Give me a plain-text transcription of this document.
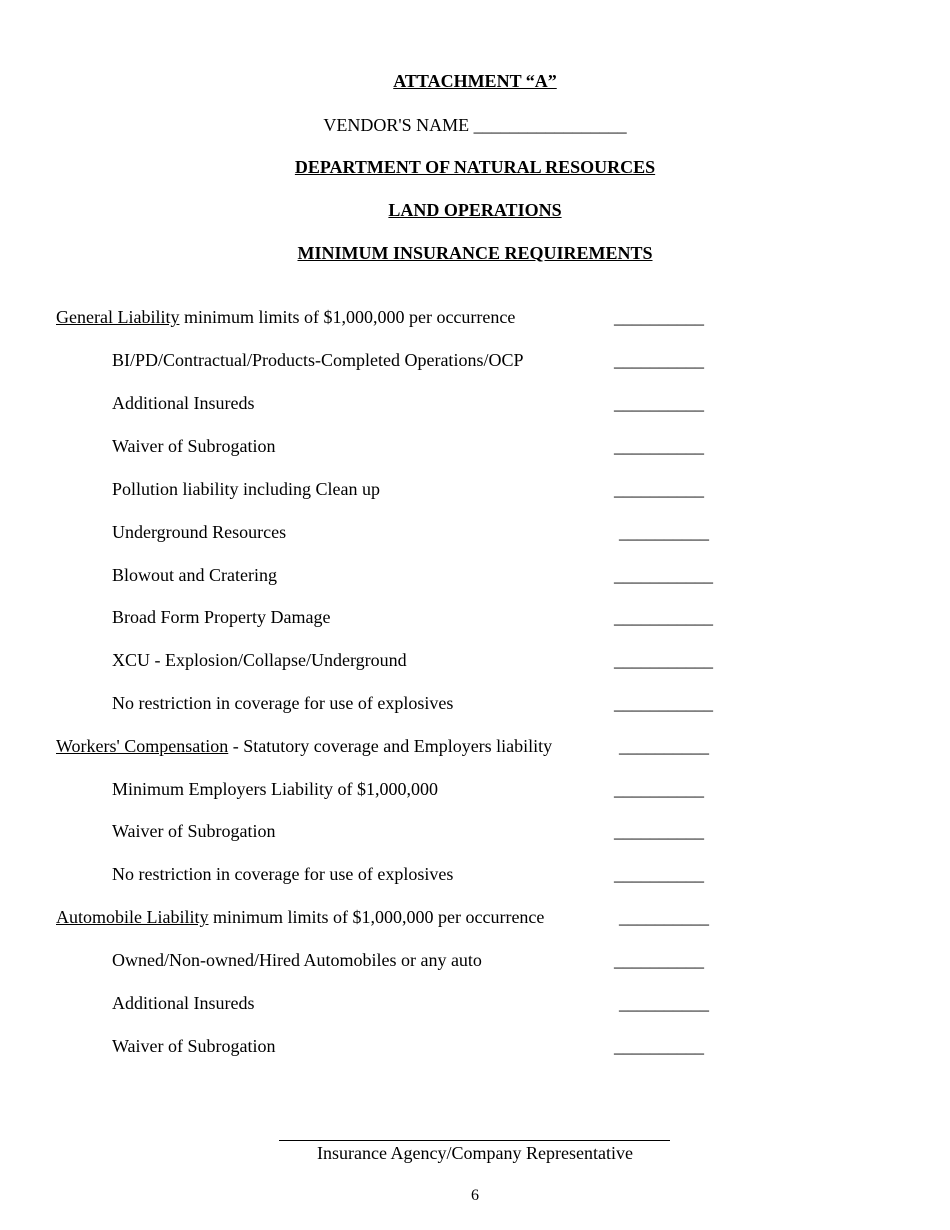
ATTACHMENT “A”
VENDOR'S NAME _________________
DEPARTMENT OF NATURAL RESOURCES
LAND OPERATIONS
MINIMUM INSURANCE REQUIREMENTS
General Liability minimum limits of $1,000,000 per occurrence	__________
BI/PD/Contractual/Products-Completed Operations/OCP	__________
Additional Insureds	__________
Waiver of Subrogation	__________
Pollution liability including Clean up	__________
Underground Resources	__________
Blowout and Cratering	___________
Broad Form Property Damage	___________
XCU - Explosion/Collapse/Underground	___________
No restriction in coverage for use of explosives	___________
Workers' Compensation - Statutory coverage and Employers liability	__________
Minimum Employers Liability of $1,000,000	__________
Waiver of Subrogation	__________
No restriction in coverage for use of explosives	__________
Automobile Liability minimum limits of $1,000,000 per occurrence	__________
Owned/Non-owned/Hired Automobiles or any auto	__________
Additional Insureds	__________
Waiver of Subrogation	__________
Insurance Agency/Company Representative
6
